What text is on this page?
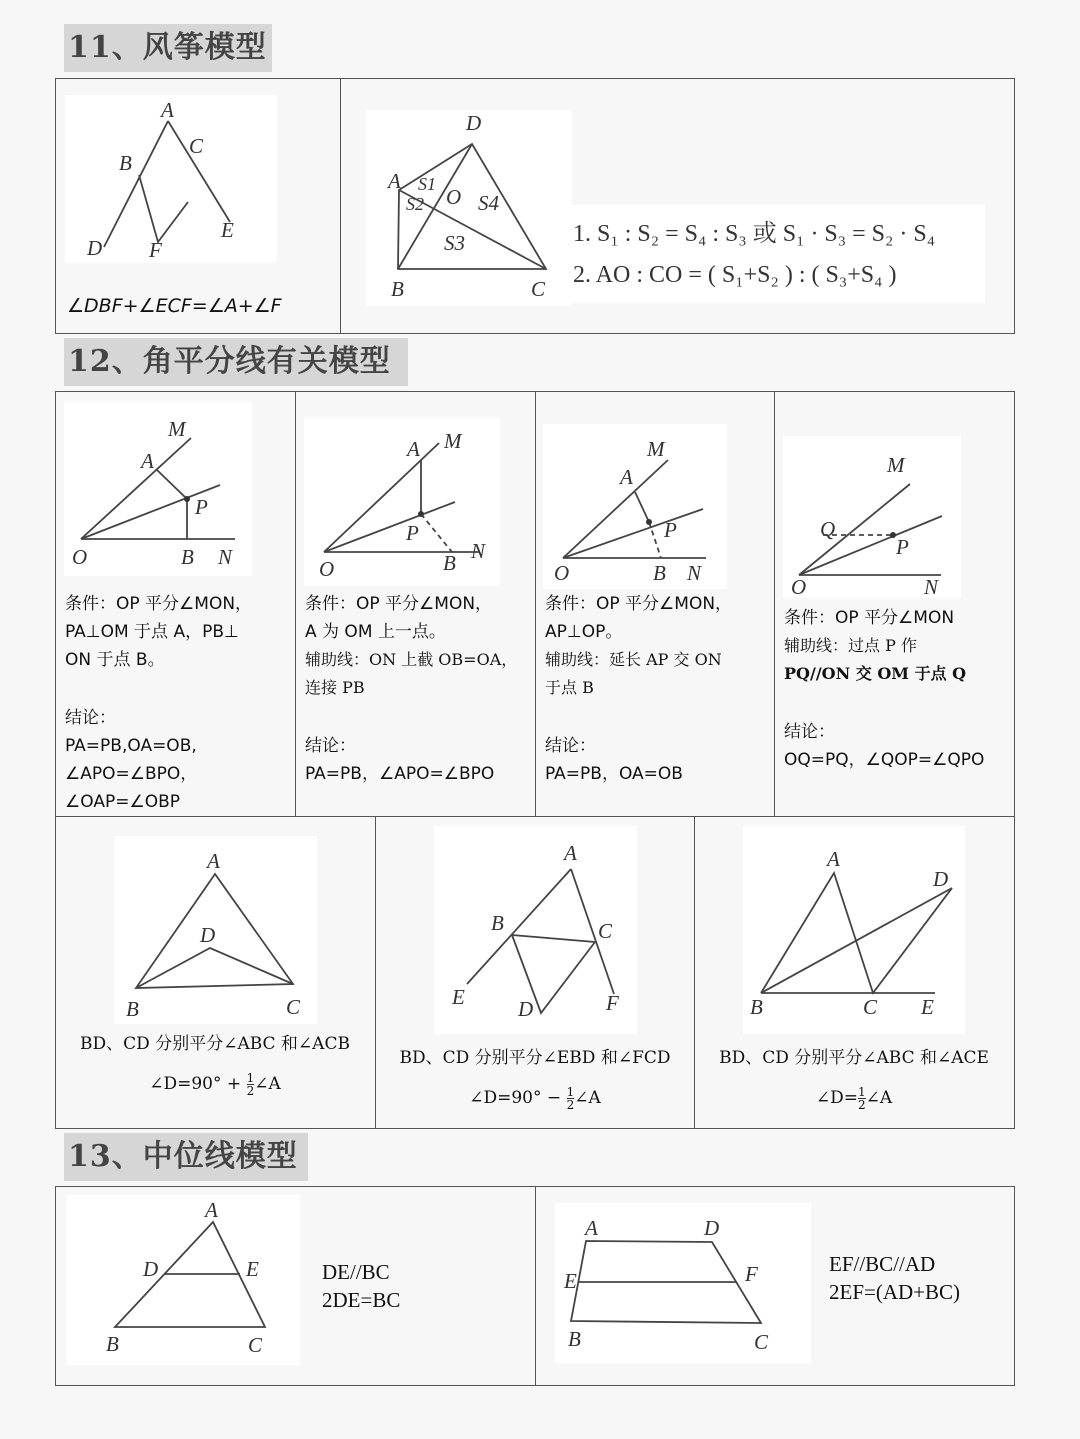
11、风筝模型
A
B
C
D F
E
∠DBF+∠ECF=∠A+∠F
D
A S1
S2 O S4
S3
B	C
1. S₁ : S₂ = S₄ : S₃ 或 S₁ · S₃ = S₂ · S₄
2. AO : CO = ( S₁+S₂ ) : ( S₃+S₄ )
12、角平分线有关模型
M
A
P
O	B N
条件：OP 平分∠MON，
PA⊥OM 于点 A，PB⊥
ON 于点 B。
结论：
PA=PB,OA=OB,
∠APO=∠BPO，
∠OAP=∠OBP
A M
P
O	B N
条件：OP 平分∠MON，
A 为 OM 上一点。
辅助线：ON 上截 OB=OA，
连接 PB
结论：
PA=PB，∠APO=∠BPO
M
A
P
O	B N
条件：OP 平分∠MON，
AP⊥OP。
辅助线：延长 AP 交 ON
于点 B
结论：
PA=PB，OA=OB
M
Q
P
O	N
条件：OP 平分∠MON
辅助线：过点 P 作
PQ//ON 交 OM 于点 Q
结论：
OQ=PQ，∠QOP=∠QPO
A
D
B	C
BD、CD 分别平分∠ABC 和∠ACB
∠D=90° + $\frac{1}{2}$ ∠A
A
B	C
E	D	F
BD、CD 分别平分∠EBD 和∠FCD
∠D=90° − $\frac{1}{2}$ ∠A
A
D
B	C E
BD、CD 分别平分∠ABC 和∠ACE
∠D= $\frac{1}{2}$ ∠A
13、中位线模型
A
D	E
B	C
DE//BC
2DE=BC
A	D
E	F
B	C
EF//BC//AD
2EF=(AD+BC)
